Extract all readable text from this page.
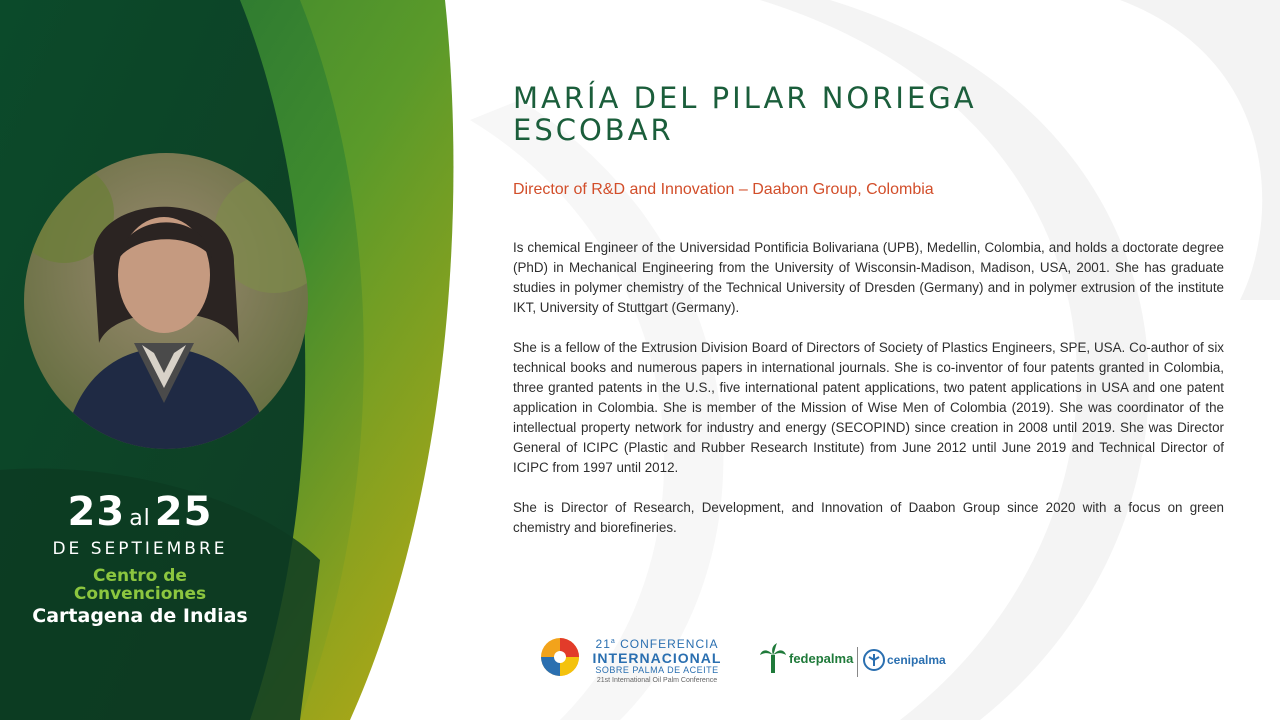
23 al 25
DE SEPTIEMBRE
Centro de
Convenciones
Cartagena de Indias
MARÍA DEL PILAR NORIEGA
ESCOBAR
Director of R&D and Innovation – Daabon Group, Colombia

Is chemical Engineer of the Universidad Pontificia Bolivariana (UPB), Medellin, Colombia, and holds a doctorate degree (PhD) in Mechanical Engineering from the University of Wisconsin-Madison, Madison, USA, 2001. She has graduate studies in polymer chemistry of the Technical University of Dresden (Germany) and in polymer extrusion of the institute IKT, University of Stuttgart (Germany).

She is a fellow of the Extrusion Division Board of Directors of Society of Plastics Engineers, SPE, USA. Co-author of six technical books and numerous papers in international journals. She is co-inventor of four patents granted in Colombia, three granted patents in the U.S., five international patent applications, two patent applications in USA and one patent application in Colombia. She is member of the Mission of Wise Men of Colombia (2019). She was coordinator of the intellectual property network for industry and energy (SECOPIND) since creation in 2008 until 2019. She was Director General of ICIPC (Plastic and Rubber Research Institute) from June 2012 until June 2019 and Technical Director of ICIPC from 1997 until 2012.

She is Director of Research, Development, and Innovation of Daabon Group since 2020 with a focus on green chemistry and biorefineries.

21$^a$ CONFERENCIA
INTERNACIONAL
SOBRE PALMA DE ACEITE
21st International Oil Palm Conference
fedepalma	cenipalma
